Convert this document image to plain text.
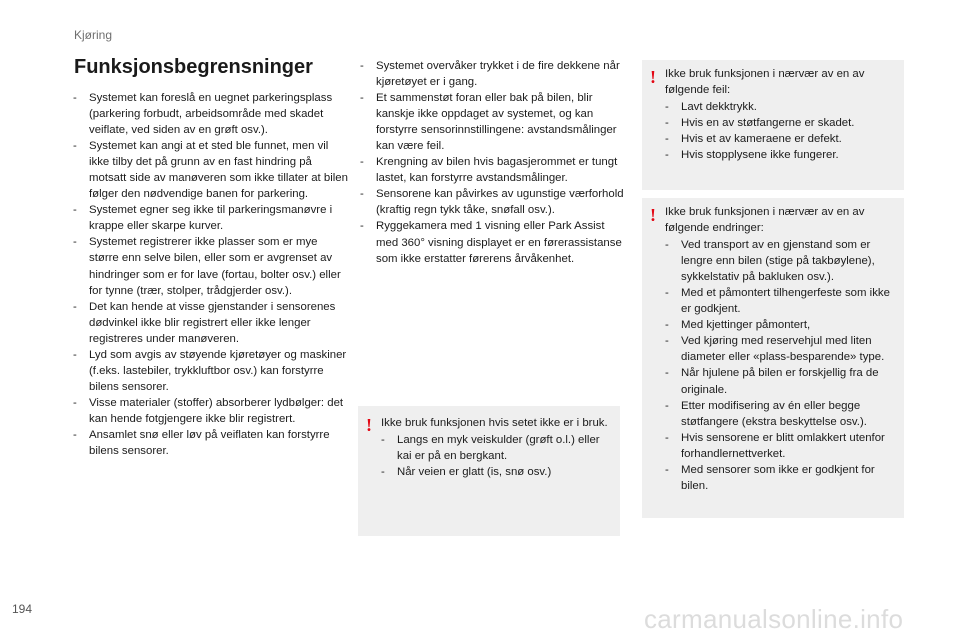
Kjøring
Funksjonsbegrensninger
- Systemet kan foreslå en uegnet parkeringsplass (parkering forbudt, arbeidsområde med skadet veiflate, ved siden av en grøft osv.).
- Systemet kan angi at et sted ble funnet, men vil ikke tilby det på grunn av en fast hindring på motsatt side av manøveren som ikke tillater at bilen følger den nødvendige banen for parkering.
- Systemet egner seg ikke til parkeringsmanøvre i krappe eller skarpe kurver.
- Systemet registrerer ikke plasser som er mye større enn selve bilen, eller som er avgrenset av hindringer som er for lave (fortau, bolter osv.) eller for tynne (trær, stolper, trådgjerder osv.).
- Det kan hende at visse gjenstander i sensorenes dødvinkel ikke blir registrert eller ikke lenger registreres under manøveren.
- Lyd som avgis av støyende kjøretøyer og maskiner (f.eks. lastebiler, trykkluftbor osv.) kan forstyrre bilens sensorer.
- Visse materialer (stoffer) absorberer lydbølger: det kan hende fotgjengere ikke blir registrert.
- Ansamlet snø eller løv på veiflaten kan forstyrre bilens sensorer.
- Systemet overvåker trykket i de fire dekkene når kjøretøyet er i gang.
- Et sammenstøt foran eller bak på bilen, blir kanskje ikke oppdaget av systemet, og kan forstyrre sensorinnstillingene: avstandsmålinger kan være feil.
- Krengning av bilen hvis bagasjerommet er tungt lastet, kan forstyrre avstandsmålinger.
- Sensorene kan påvirkes av ugunstige værforhold (kraftig regn tykk tåke, snøfall osv.).
- Ryggekamera med 1 visning eller Park Assist med 360° visning displayet er en førerassistanse som ikke erstatter førerens årvåkenhet.
! Ikke bruk funksjonen hvis setet ikke er i bruk.
- Langs en myk veiskulder (grøft o.l.) eller kai er på en bergkant.
- Når veien er glatt (is, snø osv.)
! Ikke bruk funksjonen i nærvær av en av følgende feil:
- Lavt dekktrykk.
- Hvis en av støtfangerne er skadet.
- Hvis et av kameraene er defekt.
- Hvis stopplysene ikke fungerer.
! Ikke bruk funksjonen i nærvær av en av følgende endringer:
- Ved transport av en gjenstand som er lengre enn bilen (stige på takbøylene), sykkelstativ på bakluken osv.).
- Med et påmontert tilhengerfeste som ikke er godkjent.
- Med kjettinger påmontert,
- Ved kjøring med reservehjul med liten diameter eller «plass-besparende» type.
- Når hjulene på bilen er forskjellig fra de originale.
- Etter modifisering av én eller begge støtfangere (ekstra beskyttelse osv.).
- Hvis sensorene er blitt omlakkert utenfor forhandlernettverket.
- Med sensorer som ikke er godkjent for bilen.
194	carmanualsonline.info
